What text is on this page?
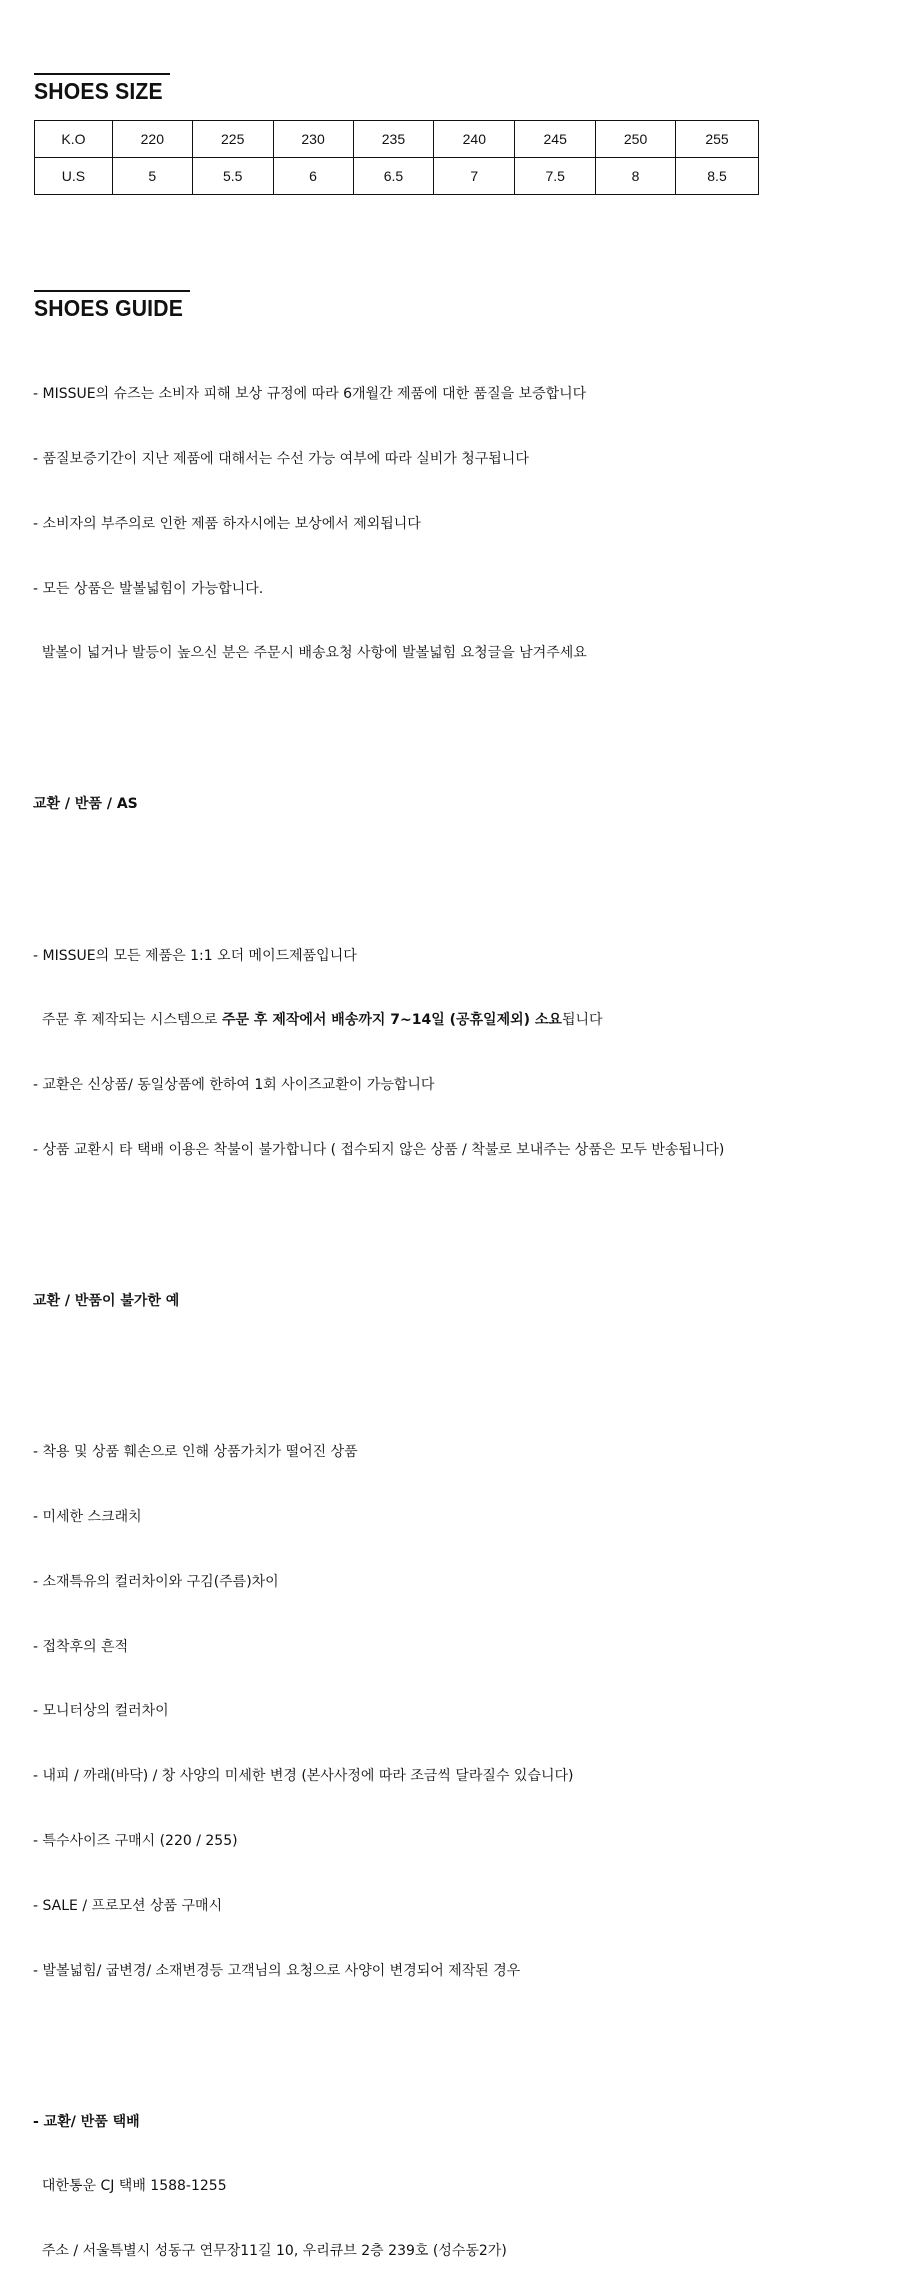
SHOES SIZE
K.O	220	225	230	235	240	245	250	255
U.S	5	5.5	6	6.5	7	7.5	8	8.5
SHOES GUIDE

- MISSUE의 슈즈는 소비자 피해 보상 규정에 따라 6개월간 제품에 대한 품질을 보증합니다

- 품질보증기간이 지난 제품에 대해서는 수선 가능 여부에 따라 실비가 청구됩니다

- 소비자의 부주의로 인한 제품 하자시에는 보상에서 제외됩니다

- 모든 상품은 발볼넓힘이 가능합니다.

발볼이 넓거나 발등이 높으신 분은 주문시 배송요청 사항에 발볼넓힘 요청글을 남겨주세요

교환 / 반품 / AS

- MISSUE의 모든 제품은 1:1 오더 메이드제품입니다

주문 후 제작되는 시스템으로 주문 후 제작에서 배송까지 7~14일 (공휴일제외) 소요됩니다

- 교환은 신상품/ 동일상품에 한하여 1회 사이즈교환이 가능합니다

- 상품 교환시 타 택배 이용은 착불이 불가합니다 ( 접수되지 않은 상품 / 착불로 보내주는 상품은 모두 반송됩니다)

교환 / 반품이 불가한 예

- 착용 및 상품 훼손으로 인해 상품가치가 떨어진 상품

- 미세한 스크래치

- 소재특유의 컬러차이와 구김(주름)차이

- 접착후의 흔적

- 모니터상의 컬러차이

- 내피 / 까래(바닥) / 창 사양의 미세한 변경 (본사사정에 따라 조금씩 달라질수 있습니다)

- 특수사이즈 구매시 (220 / 255)

- SALE / 프로모션 상품 구매시

- 발볼넓힘/ 굽변경/ 소재변경등 고객님의 요청으로 사양이 변경되어 제작된 경우

- 교환/ 반품 택배

대한통운 CJ 택배 1588-1255

주소 / 서울특별시 성동구 연무장11길 10, 우리큐브 2층 239호 (성수동2가)
